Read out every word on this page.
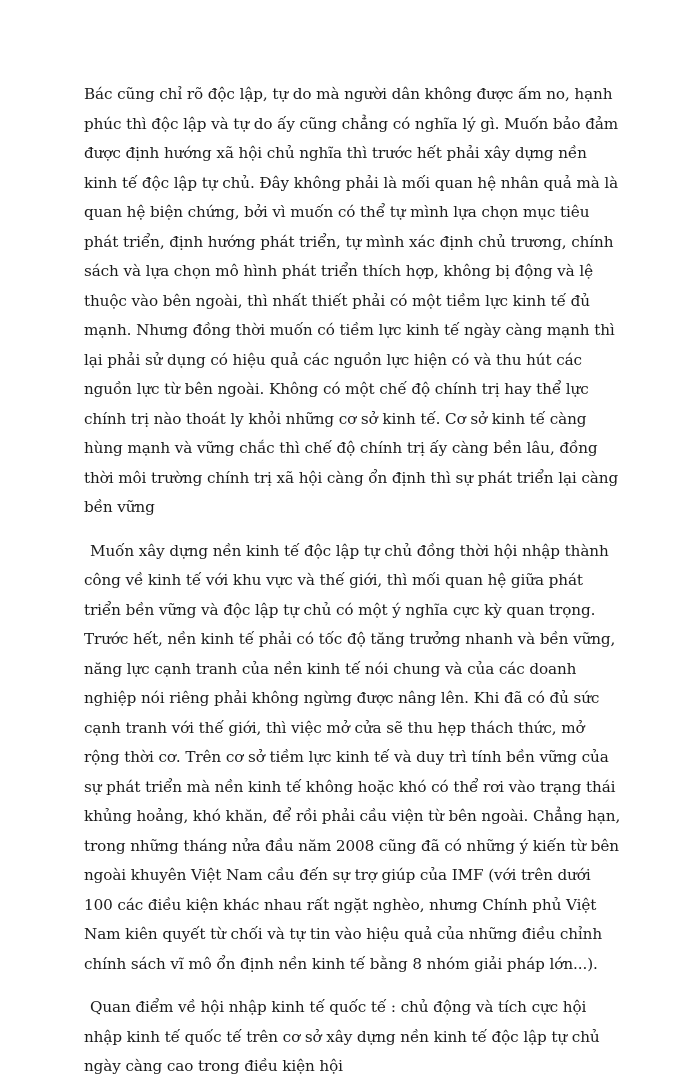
Bác cũng chỉ rõ độc lập, tự do mà người dân không được ấm no, hạnh phúc thì độc lập và tự do ấy cũng chẳng có nghĩa lý gì. Muốn bảo đảm được định hướng xã hội chủ nghĩa thì trước hết phải xây dựng nền kinh tế độc lập tự chủ. Đây không phải là mối quan hệ nhân quả mà là quan hệ biện chứng, bởi vì muốn có thể tự mình lựa chọn mục tiêu phát triển, định hướng phát triển, tự mình xác định chủ trương, chính sách và lựa chọn mô hình phát triển thích hợp, không bị động và lệ thuộc vào bên ngoài, thì nhất thiết phải có một tiềm lực kinh tế đủ mạnh. Nhưng đồng thời muốn có tiềm lực kinh tế ngày càng mạnh thì lại phải sử dụng có hiệu quả các nguồn lực hiện có và thu hút các nguồn lực từ bên ngoài. Không có một chế độ chính trị hay thể lực chính trị nào thoát ly khỏi những cơ sở kinh tế. Cơ sở kinh tế càng hùng mạnh và vững chắc thì chế độ chính trị ấy càng bền lâu, đồng thời môi trường chính trị xã hội càng ổn định thì sự phát triển lại càng bền vững

Muốn xây dựng nền kinh tế độc lập tự chủ đồng thời hội nhập thành công về kinh tế với khu vực và thế giới, thì mối quan hệ giữa phát triển bền vững và độc lập tự chủ có một ý nghĩa cực kỳ quan trọng. Trước hết, nền kinh tế phải có tốc độ tăng trưởng nhanh và bền vững, năng lực cạnh tranh của nền kinh tế nói chung và của các doanh nghiệp nói riêng phải không ngừng được nâng lên. Khi đã có đủ sức cạnh tranh với thế giới, thì việc mở cửa sẽ thu hẹp thách thức, mở rộng thời cơ. Trên cơ sở tiềm lực kinh tế và duy trì tính bền vững của sự phát triển mà nền kinh tế không hoặc khó có thể rơi vào trạng thái khủng hoảng, khó khăn, để rồi phải cầu viện từ bên ngoài. Chẳng hạn, trong những tháng nửa đầu năm 2008 cũng đã có những ý kiến từ bên ngoài khuyên Việt Nam cầu đến sự trợ giúp của IMF (với trên dưới 100 các điều kiện khác nhau rất ngặt nghèo, nhưng Chính phủ Việt Nam kiên quyết từ chối và tự tin vào hiệu quả của những điều chỉnh chính sách vĩ mô ổn định nền kinh tế bằng 8 nhóm giải pháp lớn...).

Quan điểm về hội nhập kinh tế quốc tế : chủ động và tích cực hội nhập kinh tế quốc tế trên cơ sở xây dựng nền kinh tế độc lập tự chủ ngày càng cao trong điều kiện hội
